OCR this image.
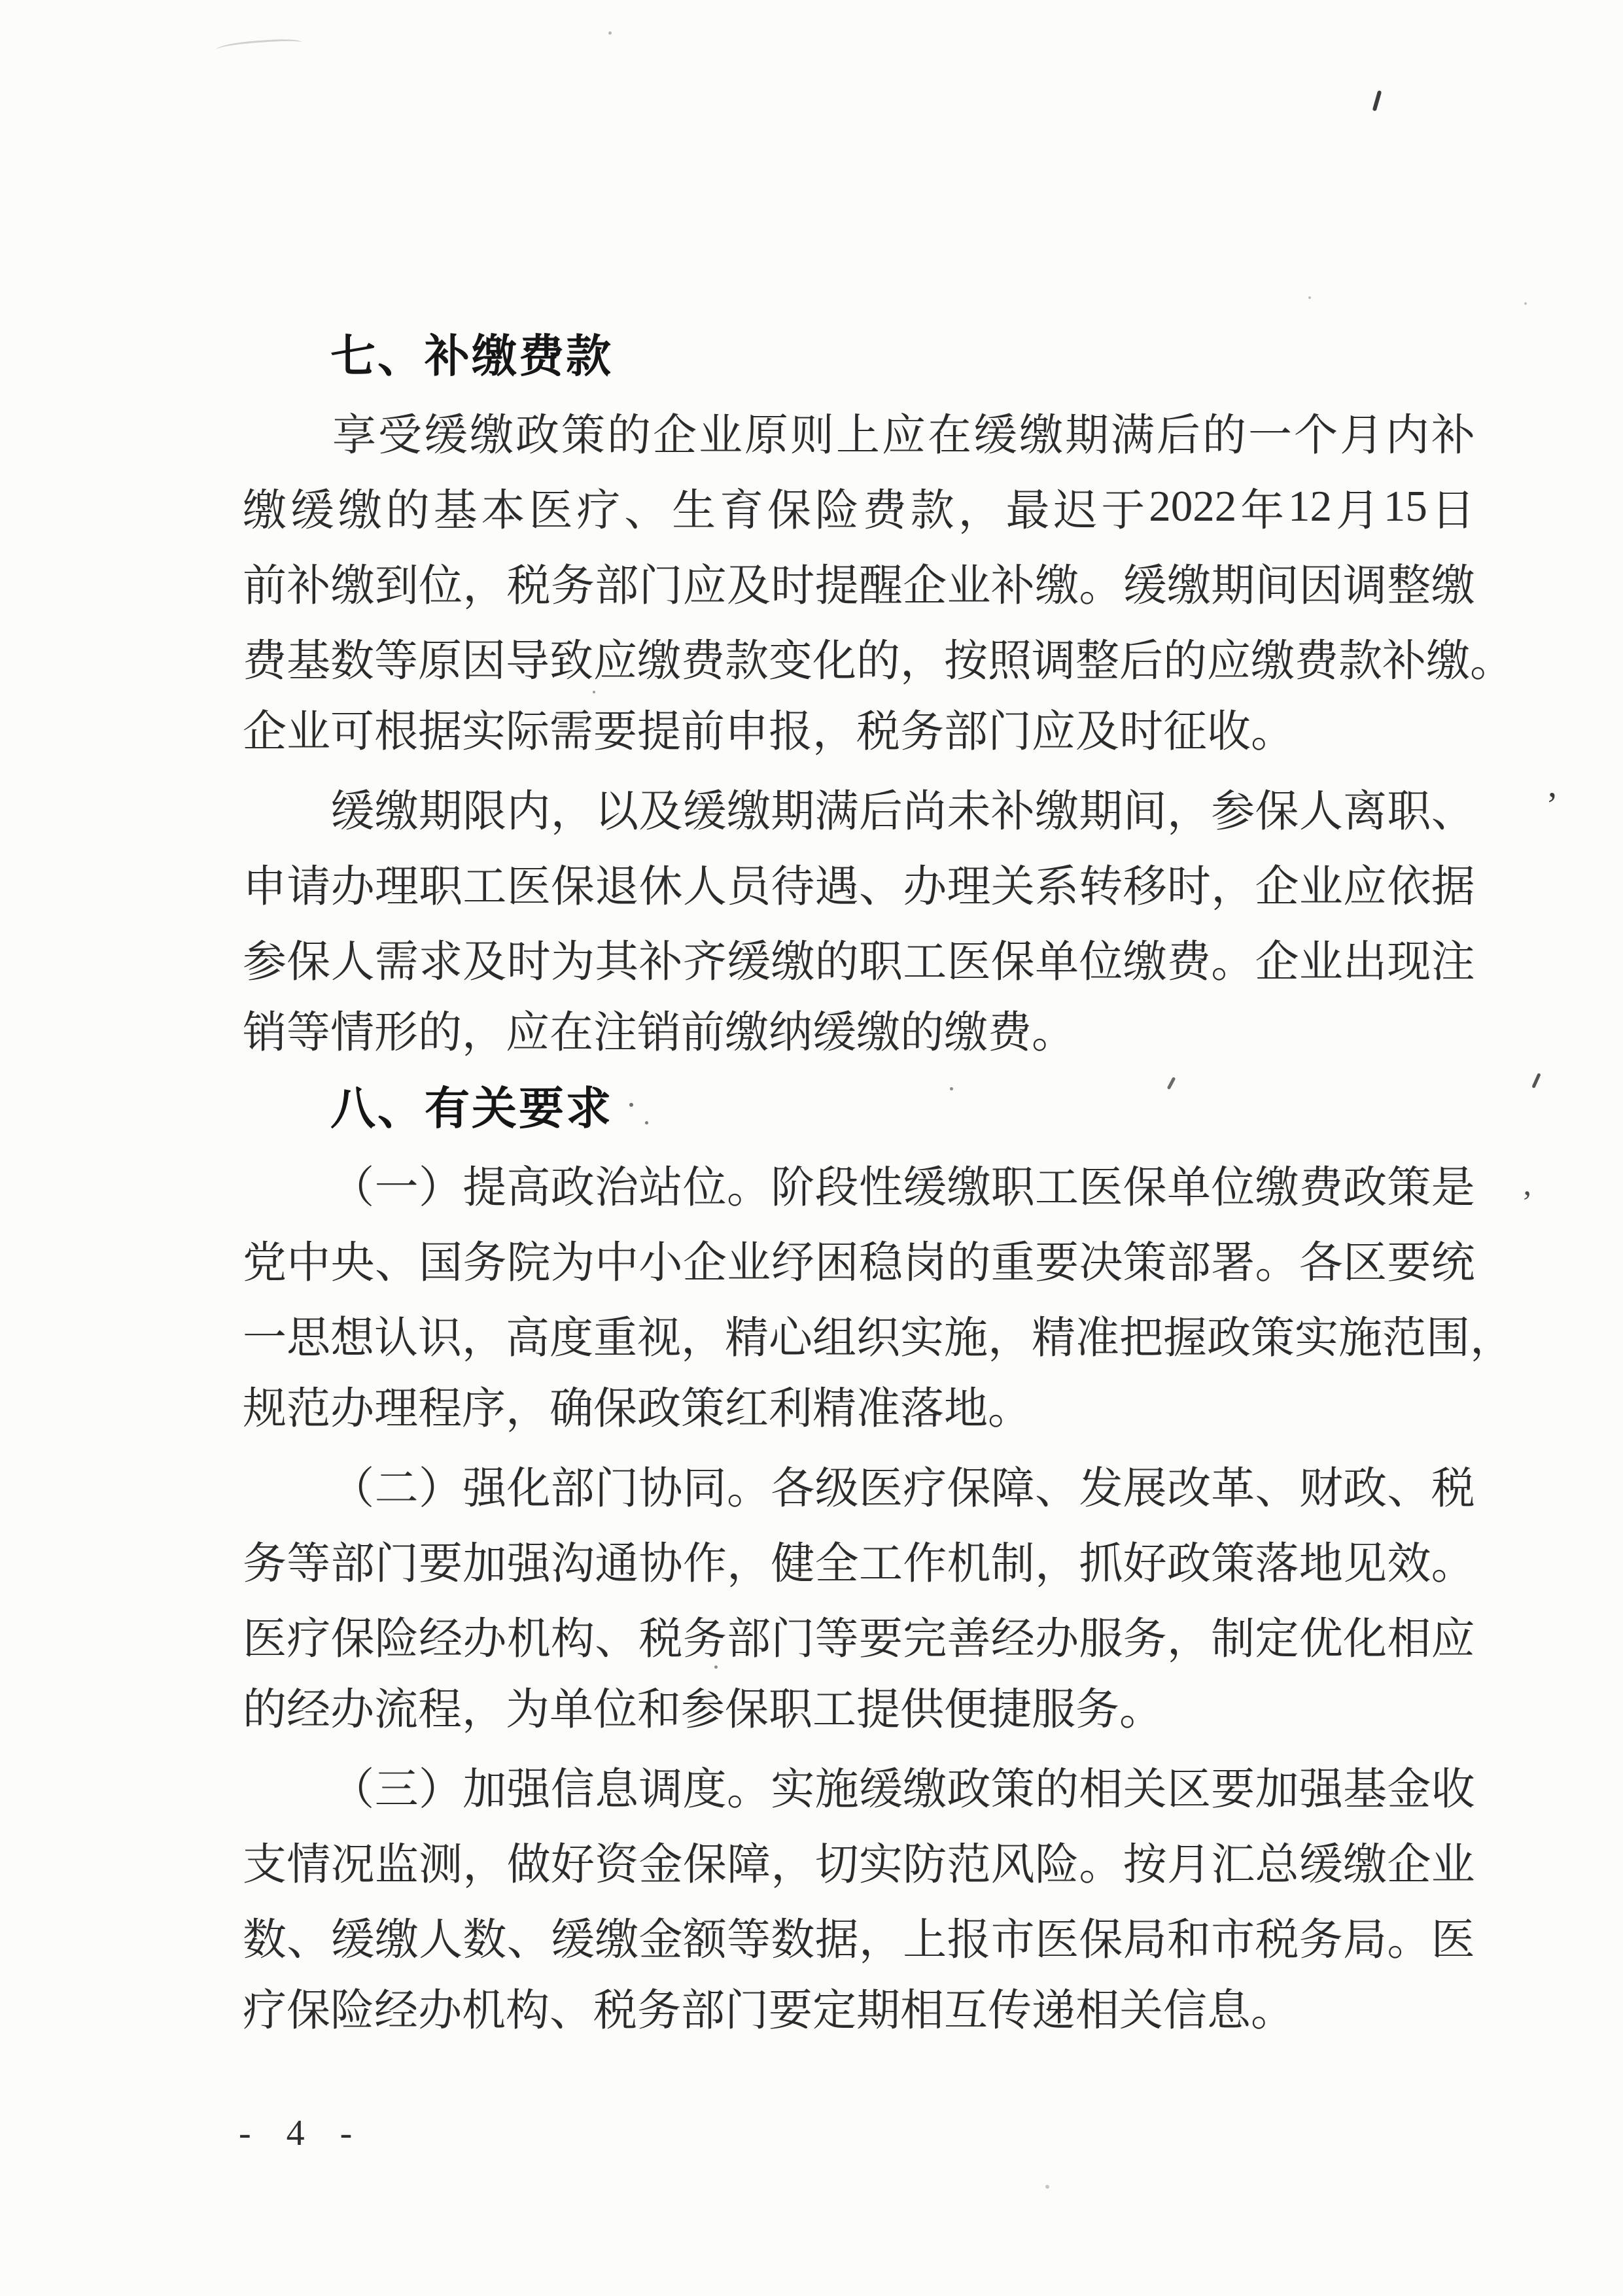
七、补缴费款
享 受 缓 缴 政 策 的 企 业 原 则 上 应 在 缓 缴 期 满 后 的 一 个 月 内 补
缴 缓 缴 的 基 本 医 疗 、 生 育 保 险 费 款 ， 最 迟 于 2022 年 12 月 15 日
前 补 缴 到 位 ， 税 务 部 门 应 及 时 提 醒 企 业 补 缴 。 缓 缴 期 间 因 调 整 缴
费 基 数 等 原 因 导 致 应 缴 费 款 变 化 的 ， 按 照 调 整 后 的 应 缴 费 款 补 缴 。
企业可根据实际需要提前申报，税务部门应及时征收。
缓 缴 期 限 内 ， 以 及 缓 缴 期 满 后 尚 未 补 缴 期 间 ， 参 保 人 离 职 、
申 请 办 理 职 工 医 保 退 休 人 员 待 遇 、 办 理 关 系 转 移 时 ， 企 业 应 依 据
参 保 人 需 求 及 时 为 其 补 齐 缓 缴 的 职 工 医 保 单 位 缴 费 。 企 业 出 现 注
销等情形的，应在注销前缴纳缓缴的缴费。
八、有关要求
（ 一 ） 提 高 政 治 站 位 。 阶 段 性 缓 缴 职 工 医 保 单 位 缴 费 政 策 是
党 中 央 、 国 务 院 为 中 小 企 业 纾 困 稳 岗 的 重 要 决 策 部 署 。 各 区 要 统
一 思 想 认 识 ， 高 度 重 视 ， 精 心 组 织 实 施 ， 精 准 把 握 政 策 实 施 范 围 ，
规范办理程序，确保政策红利精准落地。
（ 二 ） 强 化 部 门 协 同 。 各 级 医 疗 保 障 、 发 展 改 革 、 财 政 、 税
务 等 部 门 要 加 强 沟 通 协 作 ， 健 全 工 作 机 制 ， 抓 好 政 策 落 地 见 效 。
医 疗 保 险 经 办 机 构 、 税 务 部 门 等 要 完 善 经 办 服 务 ， 制 定 优 化 相 应
的经办流程，为单位和参保职工提供便捷服务。
（ 三 ） 加 强 信 息 调 度 。 实 施 缓 缴 政 策 的 相 关 区 要 加 强 基 金 收
支 情 况 监 测 ， 做 好 资 金 保 障 ， 切 实 防 范 风 险 。 按 月 汇 总 缓 缴 企 业
数 、 缓 缴 人 数 、 缓 缴 金 额 等 数 据 ， 上 报 市 医 保 局 和 市 税 务 局 。 医
疗保险经办机构、税务部门要定期相互传递相关信息。
- 4 -
,
’
